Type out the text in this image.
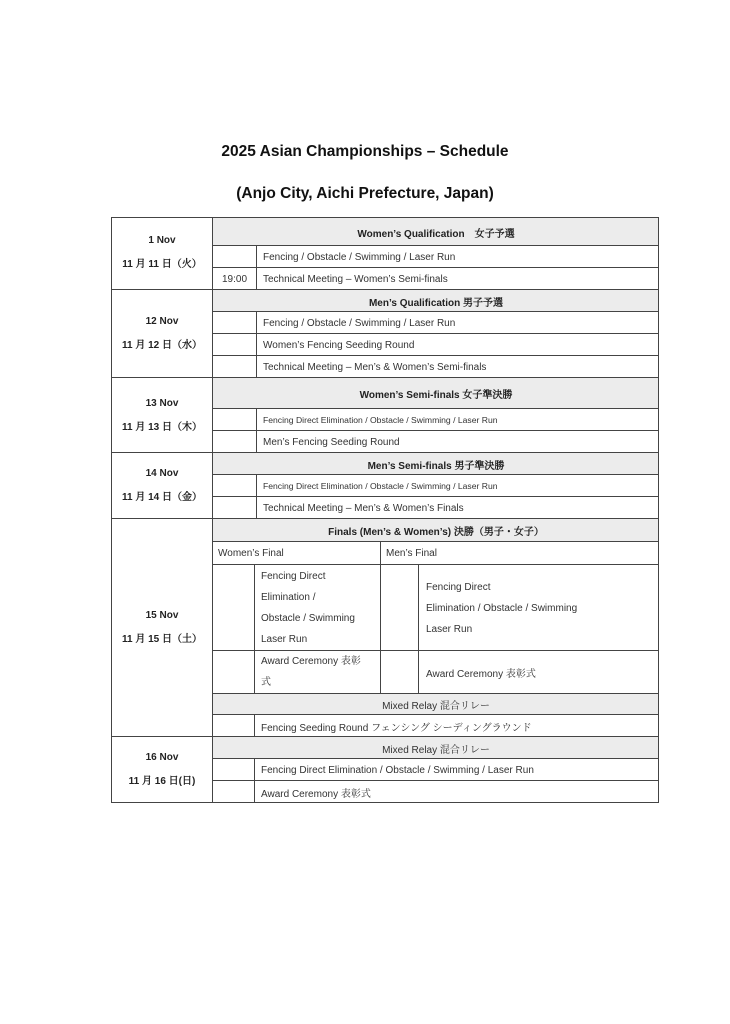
2025 Asian Championships – Schedule
(Anjo City, Aichi Prefecture, Japan)
1 Nov
11 月 11 日（火）
Women’s Qualification　女子予選
Fencing / Obstacle / Swimming / Laser Run
19:00	Technical Meeting – Women’s Semi-finals
12 Nov
11 月 12 日（水）
Men’s Qualification 男子予選
Fencing / Obstacle / Swimming / Laser Run
Women’s Fencing Seeding Round
Technical Meeting – Men’s & Women’s Semi-finals
13 Nov
11 月 13 日（木）
Women’s Semi-finals 女子準決勝
Fencing Direct Elimination / Obstacle / Swimming / Laser Run
Men’s Fencing Seeding Round
14 Nov
11 月 14 日（金）
Men’s Semi-finals 男子準決勝
Fencing Direct Elimination / Obstacle / Swimming / Laser Run
Technical Meeting – Men’s & Women’s Finals
15 Nov
11 月 15 日（土）
Finals (Men’s & Women’s) 決勝（男子・女子）
Women’s Final	Men’s Final
Fencing Direct
Elimination /
Obstacle / Swimming
Laser Run
Fencing Direct
Elimination / Obstacle / Swimming
Laser Run
Award Ceremony 表彰
式
Award Ceremony 表彰式
Mixed Relay 混合リレー
Fencing Seeding Round フェンシング シーディングラウンド
16 Nov
11 月 16 日(日)
Mixed Relay 混合リレー
Fencing Direct Elimination / Obstacle / Swimming / Laser Run
Award Ceremony 表彰式
